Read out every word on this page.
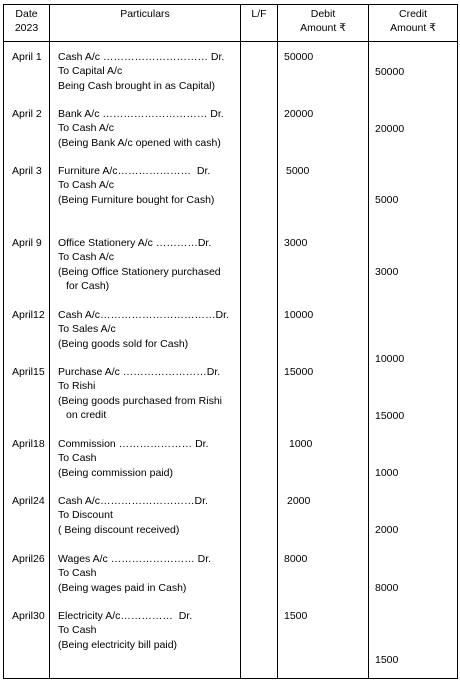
Date
2023
Particulars	L/F	Debit
Amount ₹
Credit
Amount ₹
April 1 Cash A/c ………………………… Dr.
To Capital A/c
Being Cash brought in as Capital)
50000
50000
April 2 Bank A/c ………………………… Dr.
To Cash A/c
(Being Bank A/c opened with cash)
20000
20000
April 3 Furniture A/c…………………  Dr.
To Cash A/c
(Being Furniture bought for Cash)
5000
5000
April 9 Office Stationery A/c …………Dr.
To Cash A/c
(Being Office Stationery purchased
for Cash)
3000
3000
April12 Cash A/c……………………………Dr.
To Sales A/c
(Being goods sold for Cash)
10000
10000
April15 Purchase A/c ……………………Dr.
To Rishi
(Being goods purchased from Rishi
on credit
15000
15000
April18 Commission ………………… Dr.
To Cash
(Being commission paid)
1000
1000
April24 Cash A/c………………………Dr.
To Discount
( Being discount received)
2000
2000
April26 Wages A/c …………………… Dr.
To Cash
(Being wages paid in Cash)
8000
8000
April30 Electricity A/c……………  Dr.
To Cash
(Being electricity bill paid)
1500
1500
